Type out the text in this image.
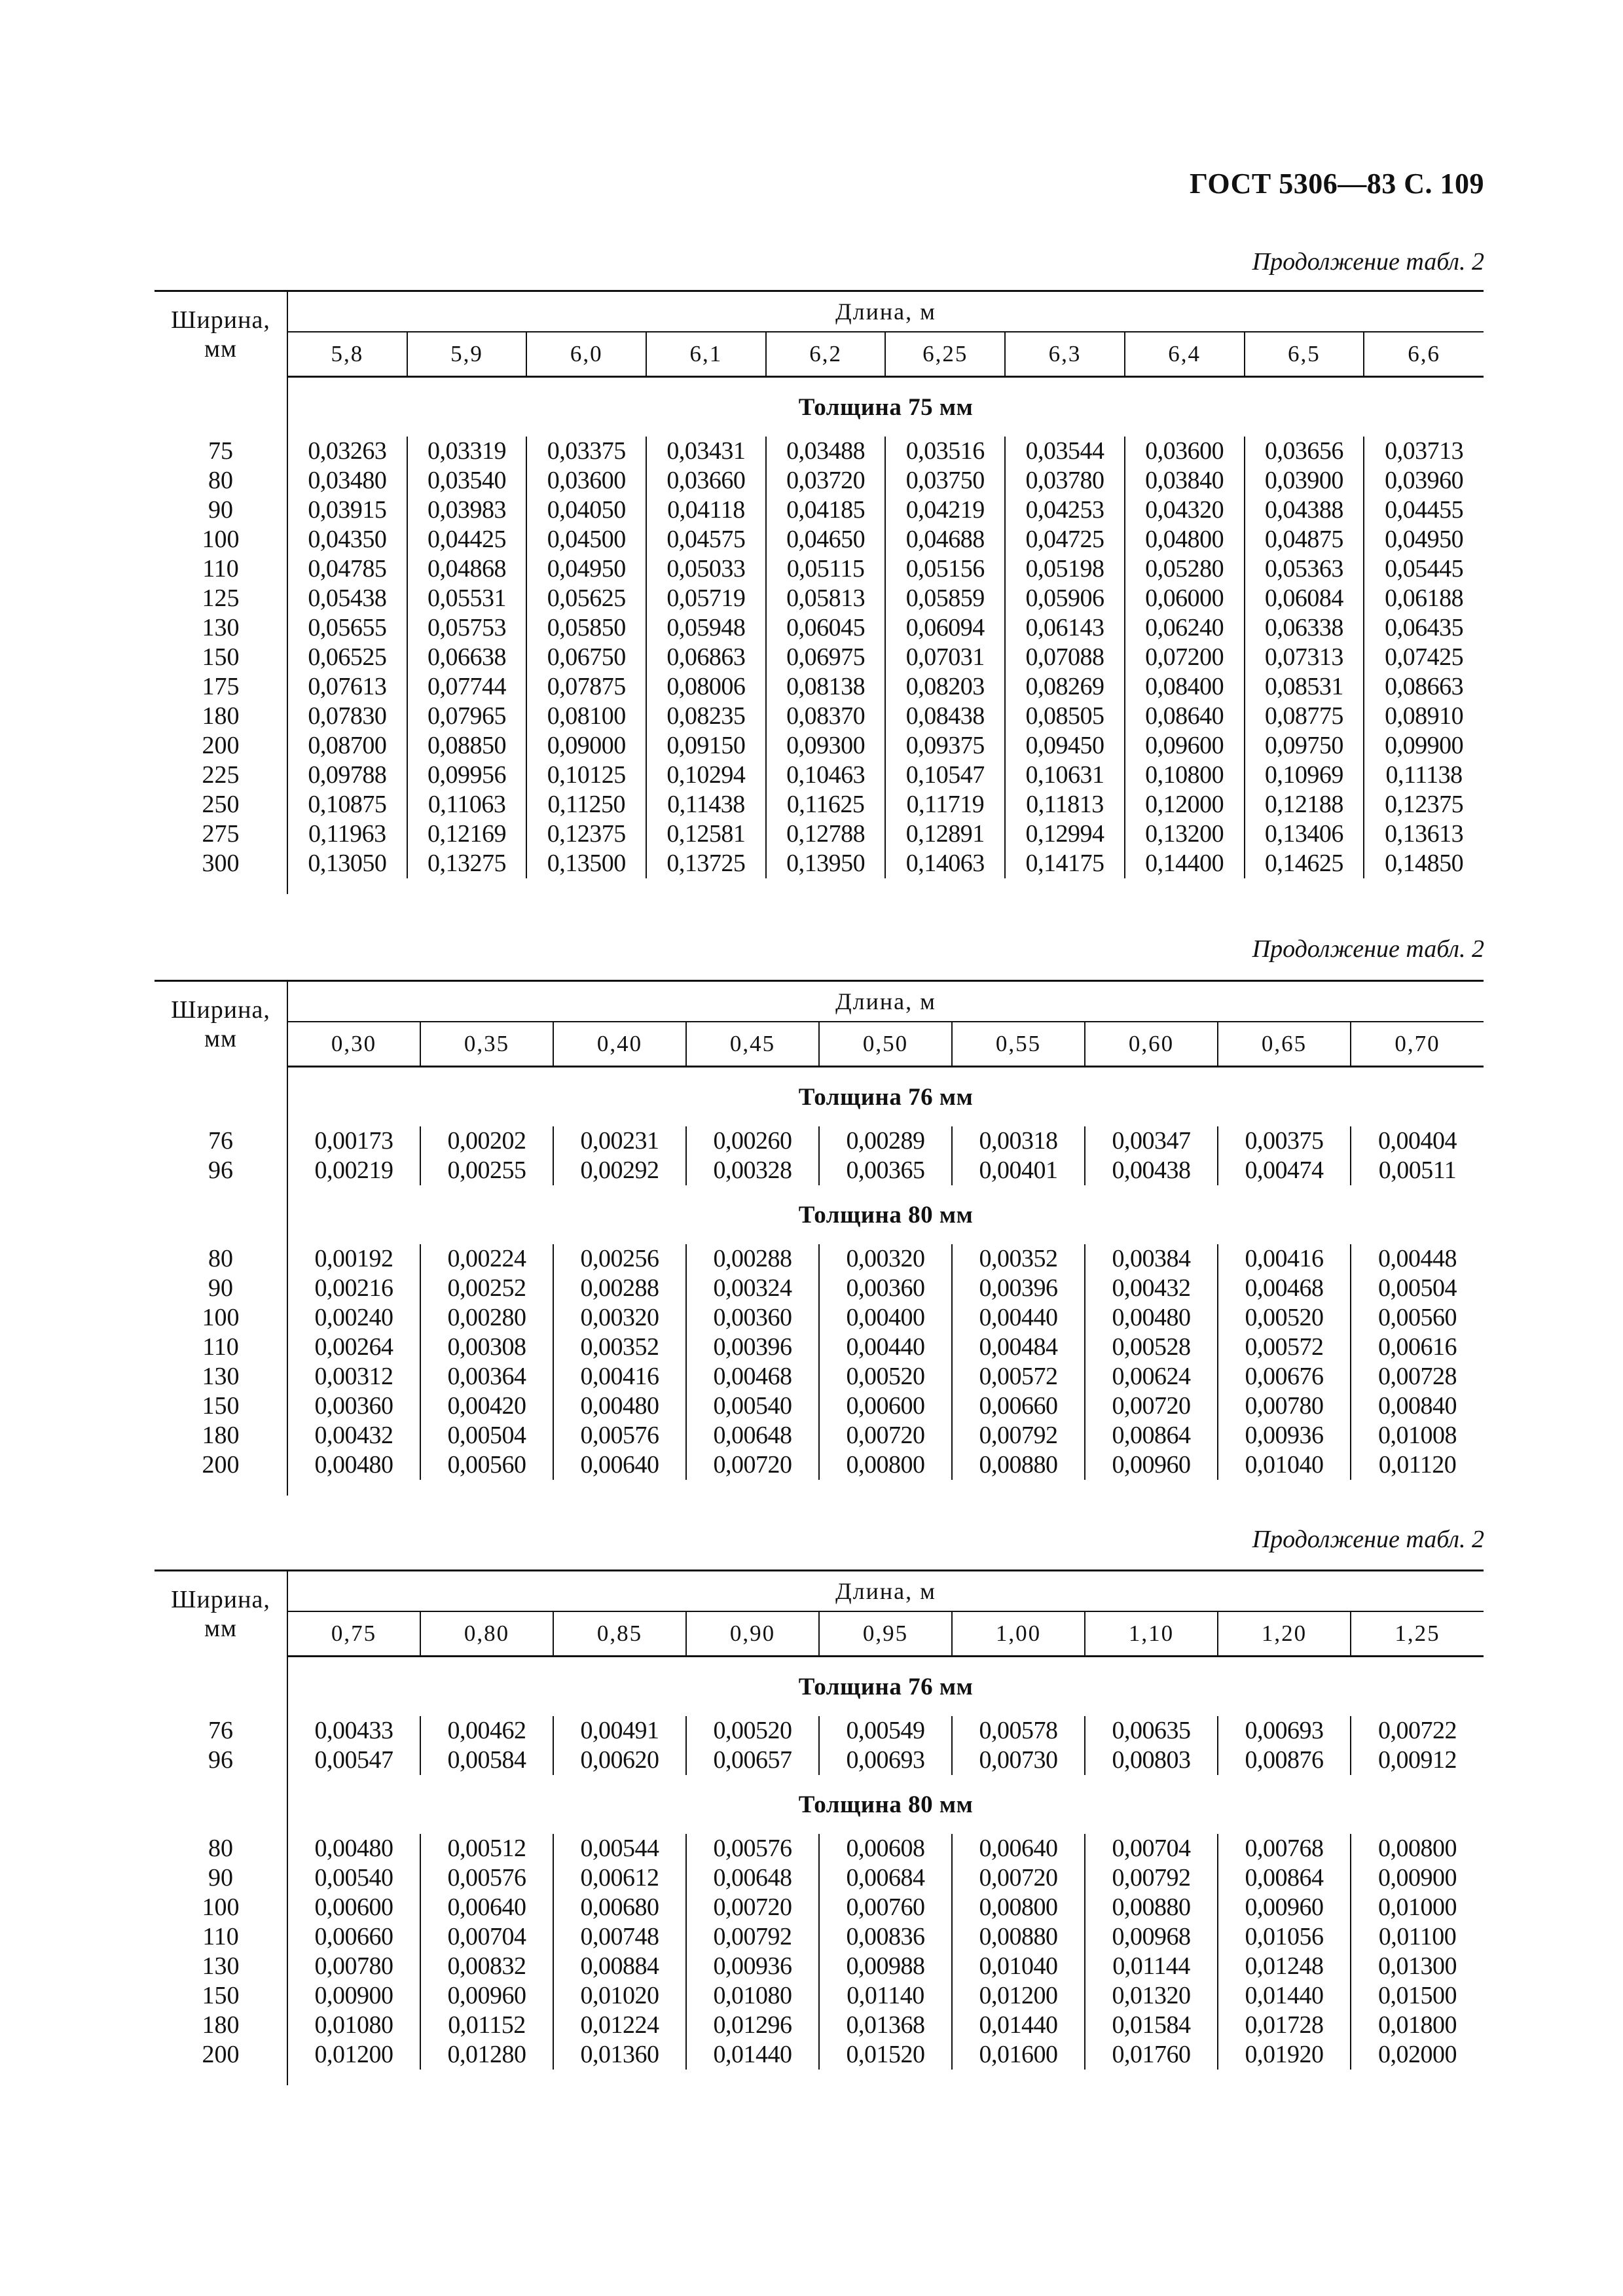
ГОСТ 5306—83 С. 109
Продолжение табл. 2
Ширина,
мм	Длина, м									
	5,8	5,9	6,0	6,1	6,2	6,25	6,3	6,4	6,5	6,6
	Толщина 75 мм									
75	0,03263	0,03319	0,03375	0,03431	0,03488	0,03516	0,03544	0,03600	0,03656	0,03713
80	0,03480	0,03540	0,03600	0,03660	0,03720	0,03750	0,03780	0,03840	0,03900	0,03960
90	0,03915	0,03983	0,04050	0,04118	0,04185	0,04219	0,04253	0,04320	0,04388	0,04455
100	0,04350	0,04425	0,04500	0,04575	0,04650	0,04688	0,04725	0,04800	0,04875	0,04950
110	0,04785	0,04868	0,04950	0,05033	0,05115	0,05156	0,05198	0,05280	0,05363	0,05445
125	0,05438	0,05531	0,05625	0,05719	0,05813	0,05859	0,05906	0,06000	0,06084	0,06188
130	0,05655	0,05753	0,05850	0,05948	0,06045	0,06094	0,06143	0,06240	0,06338	0,06435
150	0,06525	0,06638	0,06750	0,06863	0,06975	0,07031	0,07088	0,07200	0,07313	0,07425
175	0,07613	0,07744	0,07875	0,08006	0,08138	0,08203	0,08269	0,08400	0,08531	0,08663
180	0,07830	0,07965	0,08100	0,08235	0,08370	0,08438	0,08505	0,08640	0,08775	0,08910
200	0,08700	0,08850	0,09000	0,09150	0,09300	0,09375	0,09450	0,09600	0,09750	0,09900
225	0,09788	0,09956	0,10125	0,10294	0,10463	0,10547	0,10631	0,10800	0,10969	0,11138
250	0,10875	0,11063	0,11250	0,11438	0,11625	0,11719	0,11813	0,12000	0,12188	0,12375
275	0,11963	0,12169	0,12375	0,12581	0,12788	0,12891	0,12994	0,13200	0,13406	0,13613
300	0,13050	0,13275	0,13500	0,13725	0,13950	0,14063	0,14175	0,14400	0,14625	0,14850

Продолжение табл. 2
Ширина,
мм	Длина, м								
	0,30	0,35	0,40	0,45	0,50	0,55	0,60	0,65	0,70
	Толщина 76 мм								
76	0,00173	0,00202	0,00231	0,00260	0,00289	0,00318	0,00347	0,00375	0,00404
96	0,00219	0,00255	0,00292	0,00328	0,00365	0,00401	0,00438	0,00474	0,00511
	Толщина 80 мм								
80	0,00192	0,00224	0,00256	0,00288	0,00320	0,00352	0,00384	0,00416	0,00448
90	0,00216	0,00252	0,00288	0,00324	0,00360	0,00396	0,00432	0,00468	0,00504
100	0,00240	0,00280	0,00320	0,00360	0,00400	0,00440	0,00480	0,00520	0,00560
110	0,00264	0,00308	0,00352	0,00396	0,00440	0,00484	0,00528	0,00572	0,00616
130	0,00312	0,00364	0,00416	0,00468	0,00520	0,00572	0,00624	0,00676	0,00728
150	0,00360	0,00420	0,00480	0,00540	0,00600	0,00660	0,00720	0,00780	0,00840
180	0,00432	0,00504	0,00576	0,00648	0,00720	0,00792	0,00864	0,00936	0,01008
200	0,00480	0,00560	0,00640	0,00720	0,00800	0,00880	0,00960	0,01040	0,01120

Продолжение табл. 2
Ширина,
мм	Длина, м								
	0,75	0,80	0,85	0,90	0,95	1,00	1,10	1,20	1,25
	Толщина 76 мм								
76	0,00433	0,00462	0,00491	0,00520	0,00549	0,00578	0,00635	0,00693	0,00722
96	0,00547	0,00584	0,00620	0,00657	0,00693	0,00730	0,00803	0,00876	0,00912
	Толщина 80 мм								
80	0,00480	0,00512	0,00544	0,00576	0,00608	0,00640	0,00704	0,00768	0,00800
90	0,00540	0,00576	0,00612	0,00648	0,00684	0,00720	0,00792	0,00864	0,00900
100	0,00600	0,00640	0,00680	0,00720	0,00760	0,00800	0,00880	0,00960	0,01000
110	0,00660	0,00704	0,00748	0,00792	0,00836	0,00880	0,00968	0,01056	0,01100
130	0,00780	0,00832	0,00884	0,00936	0,00988	0,01040	0,01144	0,01248	0,01300
150	0,00900	0,00960	0,01020	0,01080	0,01140	0,01200	0,01320	0,01440	0,01500
180	0,01080	0,01152	0,01224	0,01296	0,01368	0,01440	0,01584	0,01728	0,01800
200	0,01200	0,01280	0,01360	0,01440	0,01520	0,01600	0,01760	0,01920	0,02000
